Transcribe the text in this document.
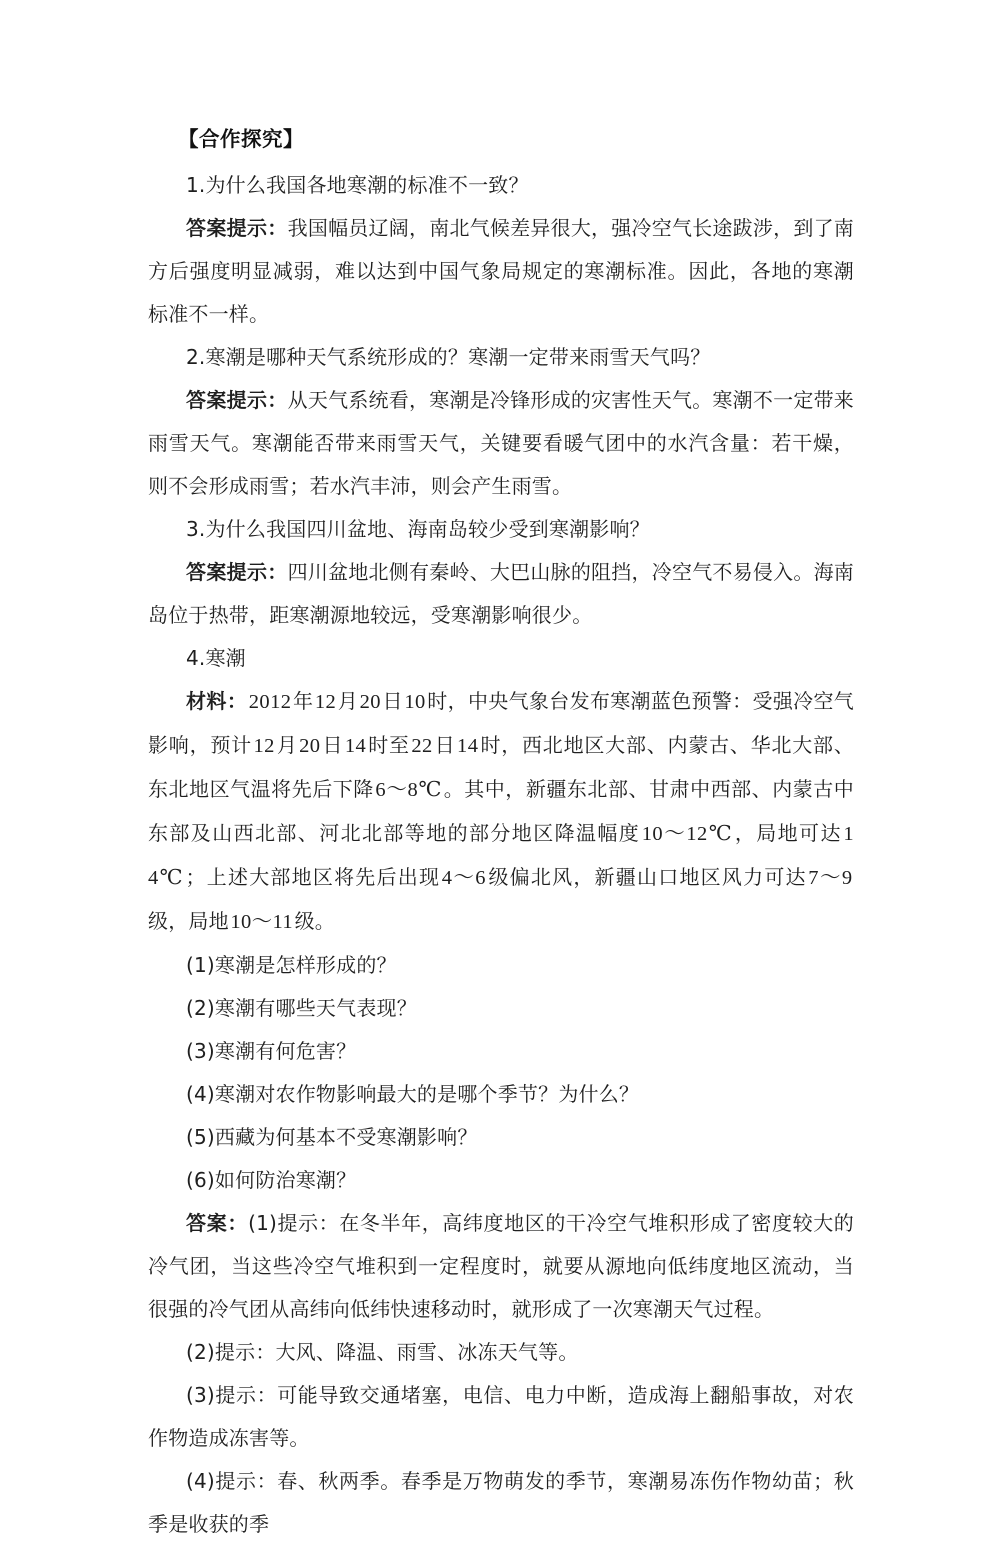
【合作探究】

1.为什么我国各地寒潮的标准不一致？

答案提示：我国幅员辽阔，南北气候差异很大，强冷空气长途跋涉，到了南方后强度明显减弱，难以达到中国气象局规定的寒潮标准。因此，各地的寒潮标准不一样。

2.寒潮是哪种天气系统形成的？寒潮一定带来雨雪天气吗？

答案提示：从天气系统看，寒潮是冷锋形成的灾害性天气。寒潮不一定带来雨雪天气。寒潮能否带来雨雪天气，关键要看暖气团中的水汽含量：若干燥，则不会形成雨雪；若水汽丰沛，则会产生雨雪。

3.为什么我国四川盆地、海南岛较少受到寒潮影响？

答案提示：四川盆地北侧有秦岭、大巴山脉的阻挡，冷空气不易侵入。海南岛位于热带，距寒潮源地较远，受寒潮影响很少。

4.寒潮

材料：2012年12月20日10时，中央气象台发布寒潮蓝色预警：受强冷空气影响，预计12月20日14时至22日14时，西北地区大部、内蒙古、华北大部、东北地区气温将先后下降6～8℃。其中，新疆东北部、甘肃中西部、内蒙古中东部及山西北部、河北北部等地的部分地区降温幅度10～12℃，局地可达14℃；上述大部地区将先后出现4～6级偏北风，新疆山口地区风力可达7～9级，局地10～11级。

(1)寒潮是怎样形成的？

(2)寒潮有哪些天气表现？

(3)寒潮有何危害？

(4)寒潮对农作物影响最大的是哪个季节？为什么？

(5)西藏为何基本不受寒潮影响？

(6)如何防治寒潮？

答案：(1)提示：在冬半年，高纬度地区的干冷空气堆积形成了密度较大的冷气团，当这些冷空气堆积到一定程度时，就要从源地向低纬度地区流动，当很强的冷气团从高纬向低纬快速移动时，就形成了一次寒潮天气过程。

(2)提示：大风、降温、雨雪、冰冻天气等。

(3)提示：可能导致交通堵塞，电信、电力中断，造成海上翻船事故，对农作物造成冻害等。

(4)提示：春、秋两季。春季是万物萌发的季节，寒潮易冻伤作物幼苗；秋季是收获的季
